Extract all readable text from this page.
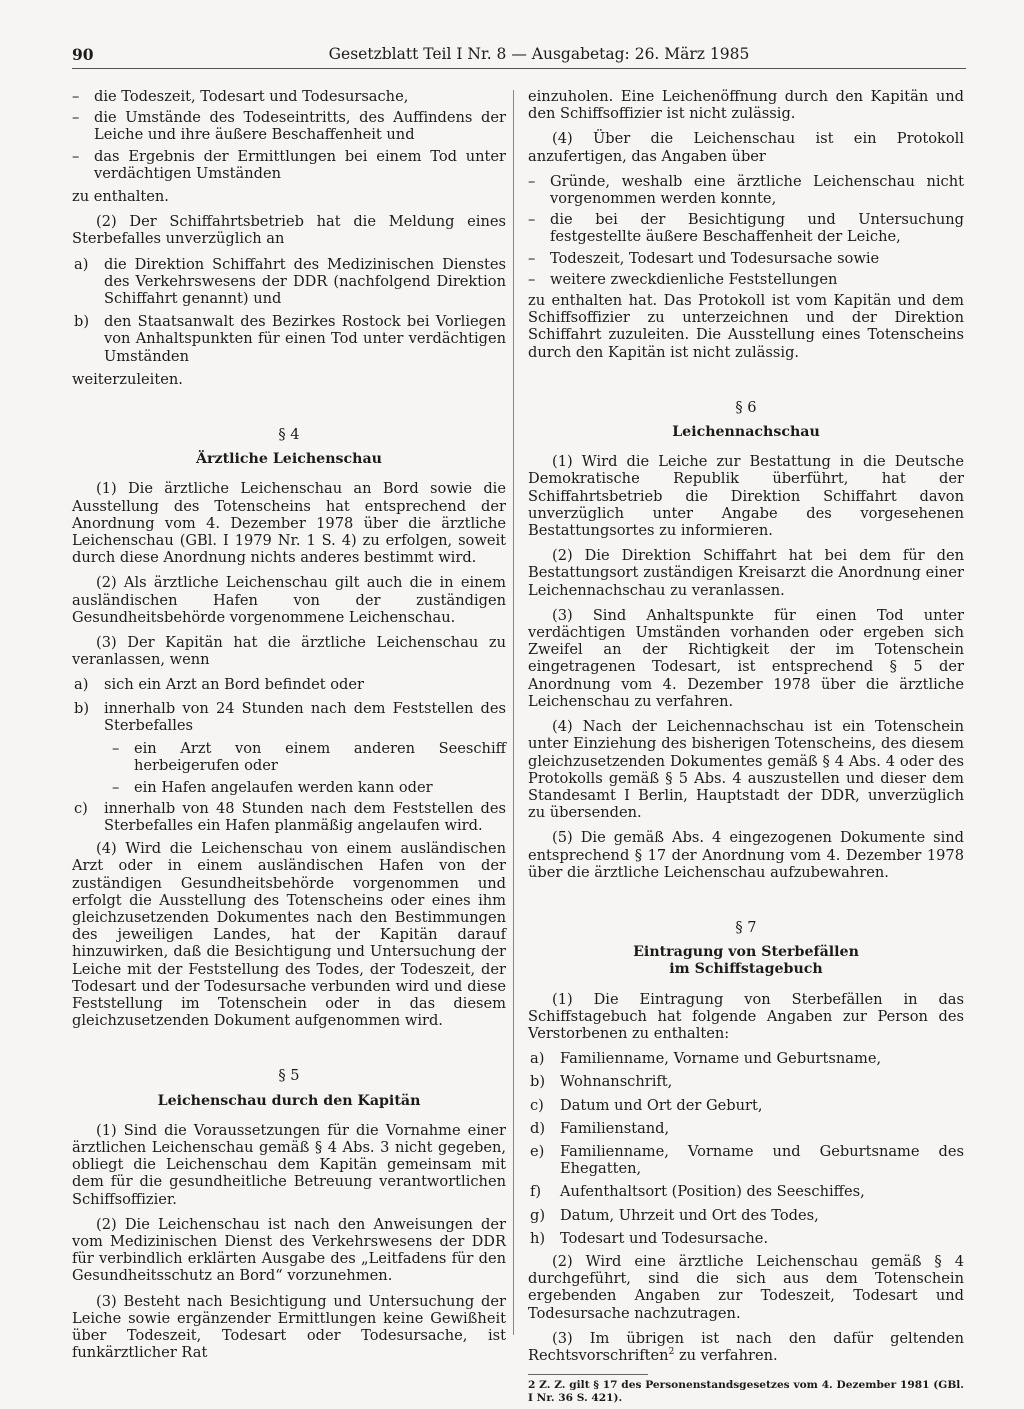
90	Gesetzblatt Teil I Nr. 8 — Ausgabetag: 26. März 1985
–	die Todeszeit, Todesart und Todesursache,
–	die Umstände des Todeseintritts, des Auffindens der Leiche und ihre äußere Beschaffenheit und
–	das Ergebnis der Ermittlungen bei einem Tod unter verdächtigen Umständen

zu enthalten.

(2) Der Schiffahrtsbetrieb hat die Meldung eines Sterbefalles unverzüglich an

a)	die Direktion Schiffahrt des Medizinischen Dienstes des Verkehrswesens der DDR (nachfolgend Direktion Schiffahrt genannt) und
b)	den Staatsanwalt des Bezirkes Rostock bei Vorliegen von Anhaltspunkten für einen Tod unter verdächtigen Umständen

weiterzuleiten.

§ 4
Ärztliche Leichenschau

(1) Die ärztliche Leichenschau an Bord sowie die Ausstellung des Totenscheins hat entsprechend der Anordnung vom 4. Dezember 1978 über die ärztliche Leichenschau (GBl. I 1979 Nr. 1 S. 4) zu erfolgen, soweit durch diese Anordnung nichts anderes bestimmt wird.

(2) Als ärztliche Leichenschau gilt auch die in einem ausländischen Hafen von der zuständigen Gesundheitsbehörde vorgenommene Leichenschau.

(3) Der Kapitän hat die ärztliche Leichenschau zu veranlassen, wenn

a)	sich ein Arzt an Bord befindet oder
b)	innerhalb von 24 Stunden nach dem Feststellen des Sterbefalles
–	ein Arzt von einem anderen Seeschiff herbeigerufen oder
–	ein Hafen angelaufen werden kann oder
c)	innerhalb von 48 Stunden nach dem Feststellen des Sterbefalles ein Hafen planmäßig angelaufen wird.

(4) Wird die Leichenschau von einem ausländischen Arzt oder in einem ausländischen Hafen von der zuständigen Gesundheitsbehörde vorgenommen und erfolgt die Ausstellung des Totenscheins oder eines ihm gleichzusetzenden Dokumentes nach den Bestimmungen des jeweiligen Landes, hat der Kapitän darauf hinzuwirken, daß die Besichtigung und Untersuchung der Leiche mit der Feststellung des Todes, der Todeszeit, der Todesart und der Todesursache verbunden wird und diese Feststellung im Totenschein oder in das diesem gleichzusetzenden Dokument aufgenommen wird.

§ 5
Leichenschau durch den Kapitän

(1) Sind die Voraussetzungen für die Vornahme einer ärztlichen Leichenschau gemäß § 4 Abs. 3 nicht gegeben, obliegt die Leichenschau dem Kapitän gemeinsam mit dem für die gesundheitliche Betreuung verantwortlichen Schiffsoffizier.

(2) Die Leichenschau ist nach den Anweisungen der vom Medizinischen Dienst des Verkehrswesens der DDR für verbindlich erklärten Ausgabe des „Leitfadens für den Gesundheitsschutz an Bord“ vorzunehmen.

(3) Besteht nach Besichtigung und Untersuchung der Leiche sowie ergänzender Ermittlungen keine Gewißheit über Todeszeit, Todesart oder Todesursache, ist funkärztlicher Rat

einzuholen. Eine Leichenöffnung durch den Kapitän und den Schiffsoffizier ist nicht zulässig.

(4) Über die Leichenschau ist ein Protokoll anzufertigen, das Angaben über

–	Gründe, weshalb eine ärztliche Leichenschau nicht vorgenommen werden konnte,
–	die bei der Besichtigung und Untersuchung festgestellte äußere Beschaffenheit der Leiche,
–	Todeszeit, Todesart und Todesursache sowie
–	weitere zweckdienliche Feststellungen

zu enthalten hat. Das Protokoll ist vom Kapitän und dem Schiffsoffizier zu unterzeichnen und der Direktion Schiffahrt zuzuleiten. Die Ausstellung eines Totenscheins durch den Kapitän ist nicht zulässig.

§ 6
Leichennachschau

(1) Wird die Leiche zur Bestattung in die Deutsche Demokratische Republik überführt, hat der Schiffahrtsbetrieb die Direktion Schiffahrt davon unverzüglich unter Angabe des vorgesehenen Bestattungsortes zu informieren.

(2) Die Direktion Schiffahrt hat bei dem für den Bestattungsort zuständigen Kreisarzt die Anordnung einer Leichennachschau zu veranlassen.

(3) Sind Anhaltspunkte für einen Tod unter verdächtigen Umständen vorhanden oder ergeben sich Zweifel an der Richtigkeit der im Totenschein eingetragenen Todesart, ist entsprechend § 5 der Anordnung vom 4. Dezember 1978 über die ärztliche Leichenschau zu verfahren.

(4) Nach der Leichennachschau ist ein Totenschein unter Einziehung des bisherigen Totenscheins, des diesem gleichzusetzenden Dokumentes gemäß § 4 Abs. 4 oder des Protokolls gemäß § 5 Abs. 4 auszustellen und dieser dem Standesamt I Berlin, Hauptstadt der DDR, unverzüglich zu übersenden.

(5) Die gemäß Abs. 4 eingezogenen Dokumente sind entsprechend § 17 der Anordnung vom 4. Dezember 1978 über die ärztliche Leichenschau aufzubewahren.

§ 7
Eintragung von Sterbefällen
im Schiffstagebuch

(1) Die Eintragung von Sterbefällen in das Schiffstagebuch hat folgende Angaben zur Person des Verstorbenen zu enthalten:

a)	Familienname, Vorname und Geburtsname,
b)	Wohnanschrift,
c)	Datum und Ort der Geburt,
d)	Familienstand,
e)	Familienname, Vorname und Geburtsname des Ehegatten,
f)	Aufenthaltsort (Position) des Seeschiffes,
g)	Datum, Uhrzeit und Ort des Todes,
h)	Todesart und Todesursache.

(2) Wird eine ärztliche Leichenschau gemäß § 4 durchgeführt, sind die sich aus dem Totenschein ergebenden Angaben zur Todeszeit, Todesart und Todesursache nachzutragen.

(3) Im übrigen ist nach den dafür geltenden Rechtsvorschriften$^2$ zu verfahren.

2 Z. Z. gilt § 17 des Personenstandsgesetzes vom 4. Dezember 1981 (GBl. I Nr. 36 S. 421).
